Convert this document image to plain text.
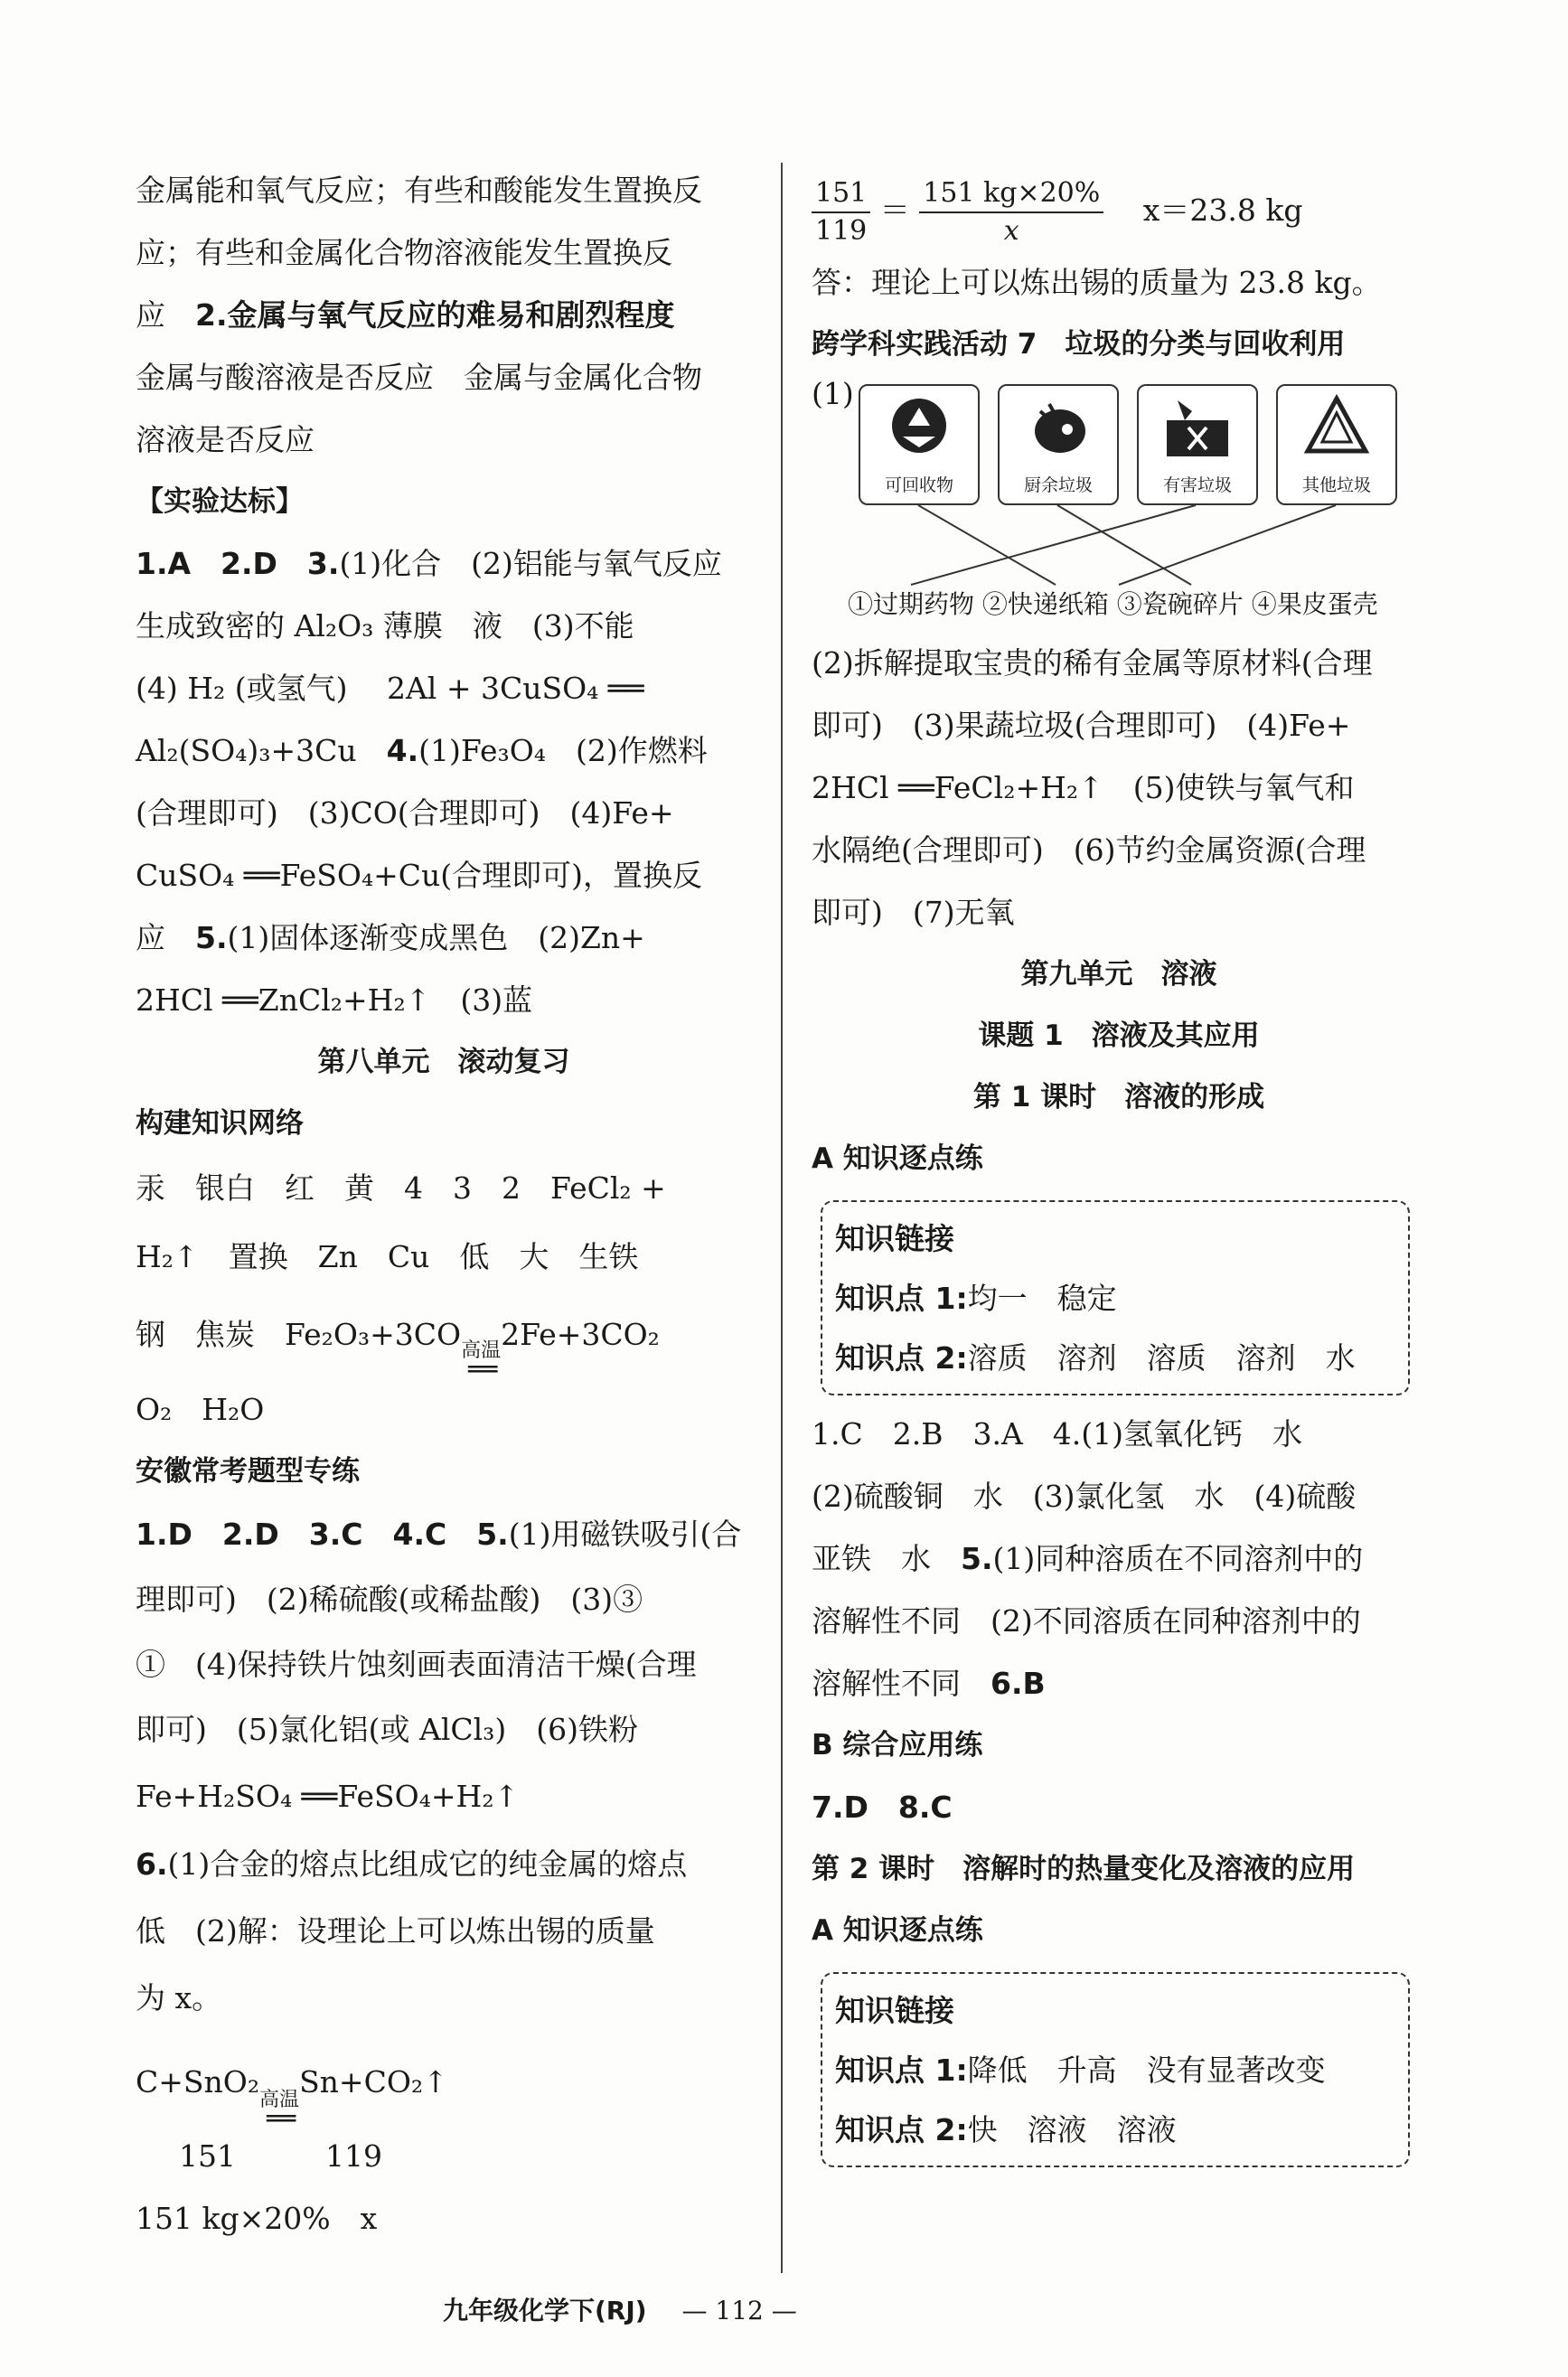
金属能和氧气反应；有些和酸能发生置换反

应；有些和金属化合物溶液能发生置换反

应　 2.金属与氧气反应的难易和剧烈程度

金属与酸溶液是否反应　金属与金属化合物

溶液是否反应

【实验达标】

1.A　2.D　3.(1)化合　(2)铝能与氧气反应

生成致密的 Al₂O₃ 薄膜　液　(3)不能

(4) H₂ (或氢气)　 2Al + 3CuSO₄ ══

Al₂(SO₄)₃+3Cu　4.(1)Fe₃O₄　(2)作燃料

(合理即可)　(3)CO(合理即可)　(4)Fe+

CuSO₄ ══FeSO₄+Cu(合理即可)，置换反

应　5.(1)固体逐渐变成黑色　(2)Zn+

2HCl ══ZnCl₂+H₂↑　(3)蓝

第八单元　滚动复习

构建知识网络

汞　银白　红　黄　4　3　2　FeCl₂ +

H₂↑　置换　Zn　Cu　低　大　生铁

钢　焦炭　Fe₂O₃+3CO 高温
══
2Fe+3CO₂

O₂　H₂O

安徽常考题型专练

1.D　2.D　3.C　4.C　5.(1)用磁铁吸引(合

理即可)　(2)稀硫酸(或稀盐酸)　(3)③

①　(4)保持铁片蚀刻画表面清洁干燥(合理

即可)　(5)氯化铝(或 AlCl₃)　(6)铁粉

Fe+H₂SO₄ ══FeSO₄+H₂↑

6.(1)合金的熔点比组成它的纯金属的熔点

低　(2)解：设理论上可以炼出锡的质量

为 x。

C+SnO₂
高温
══
Sn+CO₂↑

151　　　119

151 kg×20%　x

$\frac{151}{119} = \frac{151 kg\times 20\%}{x}$
　 x＝23.8 kg

答：理论上可以炼出锡的质量为 23.8 kg。

跨学科实践活动 7　垃圾的分类与回收利用

(1)
可回收物	厨余垃圾	有害垃圾	其他垃圾
①过期药物 ②快递纸箱 ③瓷碗碎片 ④果皮蛋壳

(2)拆解提取宝贵的稀有金属等原材料(合理

即可)　(3)果蔬垃圾(合理即可)　(4)Fe+

2HCl ══FeCl₂+H₂↑　(5)使铁与氧气和

水隔绝(合理即可)　(6)节约金属资源(合理

即可)　(7)无氧

第九单元　溶液

课题 1　溶液及其应用

第 1 课时　溶液的形成

A 知识逐点练

知识链接

知识点 1:均一　稳定

知识点 2:溶质　溶剂　溶质　溶剂　水

1.C　2.B　3.A　4.(1)氢氧化钙　水

(2)硫酸铜　水　(3)氯化氢　水　(4)硫酸

亚铁　水　5.(1)同种溶质在不同溶剂中的

溶解性不同　(2)不同溶质在同种溶剂中的

溶解性不同　6.B

B 综合应用练

7.D　8.C

第 2 课时　溶解时的热量变化及溶液的应用

A 知识逐点练

知识链接

知识点 1:降低　升高　没有显著改变

知识点 2:快　溶液　溶液

九年级化学下(RJ) — 112 —
